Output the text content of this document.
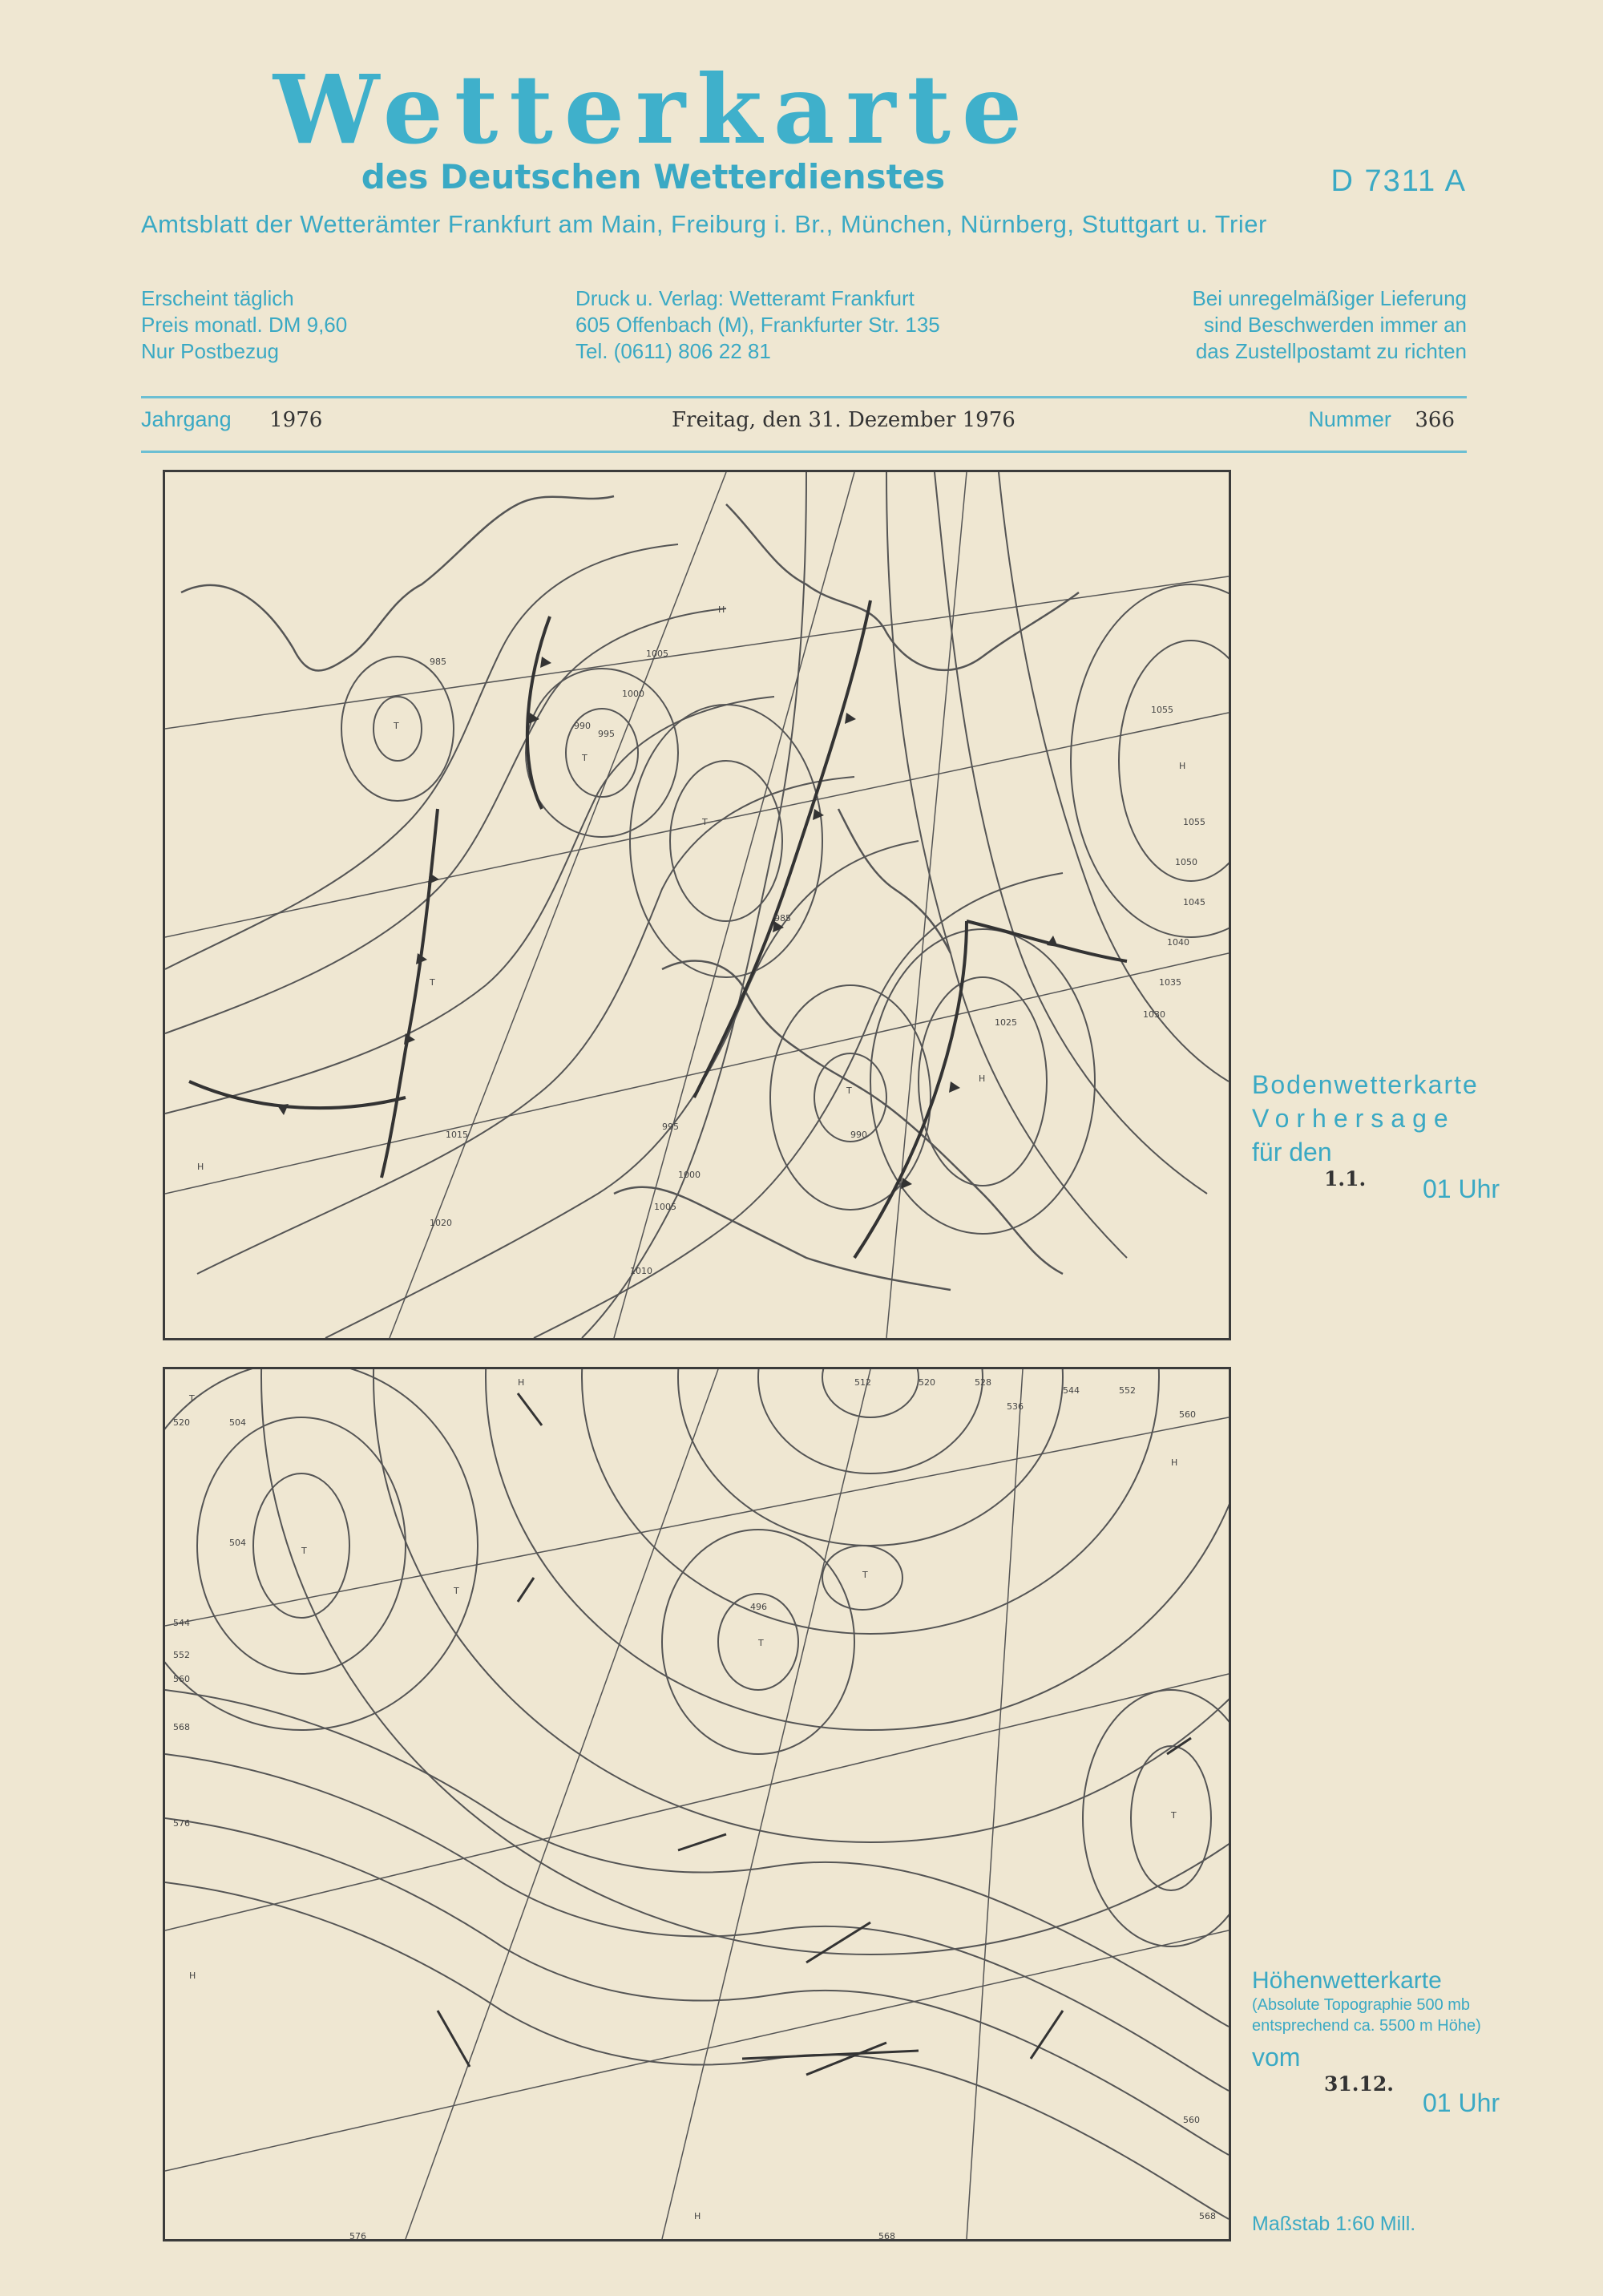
Wetterkarte
des Deutschen Wetterdienstes	D 7311 A
Amtsblatt der Wetterämter Frankfurt am Main, Freiburg i. Br., München, Nürnberg, Stuttgart u. Trier
Erscheint täglich
Preis monatl. DM 9,60
Nur Postbezug
Druck u. Verlag: Wetteramt Frankfurt
605 Offenbach (M), Frankfurter Str. 135
Tel. (0611) 806 22 81
Bei unregelmäßiger Lieferung
sind Beschwerden immer an
das Zustellpostamt zu richten
Jahrgang 1976	Freitag, den 31. Dezember 1976	Nummer 366
T
T
T
T
T
H
H
H
H
990
985
990
1055
1055
1050
1045
1040
1035
1030
1025
1015
1020
1010
1005
1000
995
1005
1000
995
985
Bodenwetterkarte
Vorhersage
für den
1.1. 01 Uhr
T
T
T
T
T
T
H
H
H
H
512	520	528
536
544	552
560
520	504
504
544
552
560
568
576
496
560
568
568
576
Höhenwetterkarte
(Absolute Topographie 500 mb
entsprechend ca. 5500 m Höhe)
vom
31.12.
01 Uhr
Maßstab 1:60 Mill.
